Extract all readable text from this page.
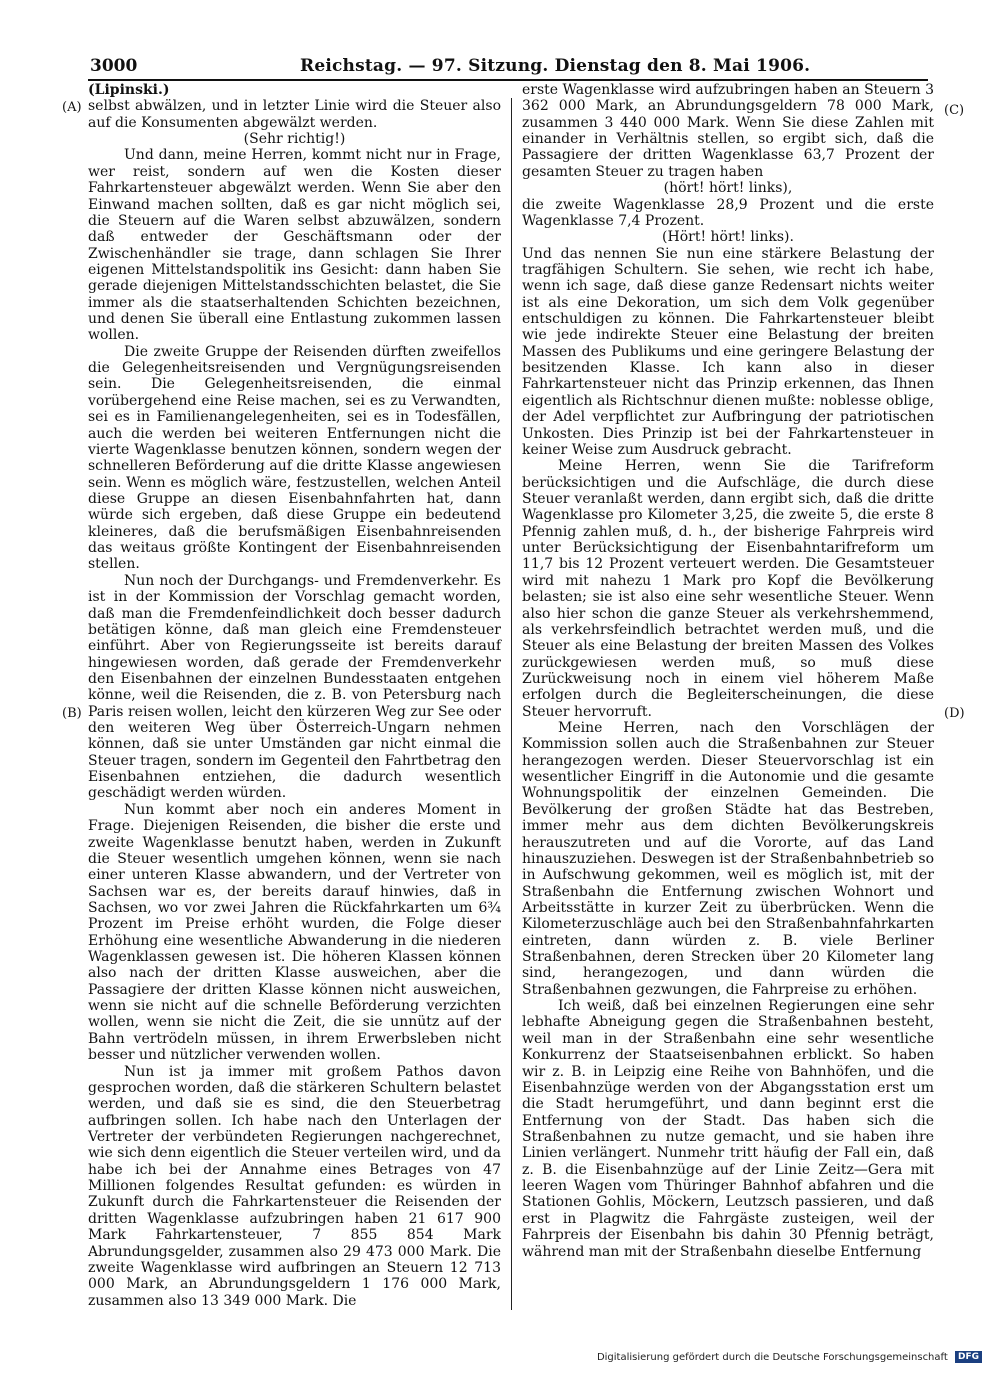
3000	Reichstag. — 97. Sitzung. Dienstag den 8. Mai 1906.
(A)
(B)
(C)
(D)

(Lipinski.)

selbst abwälzen, und in letzter Linie wird die Steuer also auf die Konsumenten abgewälzt werden.

(Sehr richtig!)

Und dann, meine Herren, kommt nicht nur in Frage, wer reist, sondern auf wen die Kosten dieser Fahrkartensteuer abgewälzt werden. Wenn Sie aber den Einwand machen sollten, daß es gar nicht möglich sei, die Steuern auf die Waren selbst abzuwälzen, sondern daß entweder der Geschäftsmann oder der Zwischenhändler sie trage, dann schlagen Sie Ihrer eigenen Mittelstandspolitik ins Gesicht: dann haben Sie gerade diejenigen Mittelstandsschichten belastet, die Sie immer als die staatserhaltenden Schichten bezeichnen, und denen Sie überall eine Entlastung zukommen lassen wollen.

Die zweite Gruppe der Reisenden dürften zweifellos die Gelegenheitsreisenden und Vergnügungsreisenden sein. Die Gelegenheitsreisenden, die einmal vorübergehend eine Reise machen, sei es zu Verwandten, sei es in Familienangelegenheiten, sei es in Todesfällen, auch die werden bei weiteren Entfernungen nicht die vierte Wagenklasse benutzen können, sondern wegen der schnelleren Beförderung auf die dritte Klasse angewiesen sein. Wenn es möglich wäre, festzustellen, welchen Anteil diese Gruppe an diesen Eisenbahnfahrten hat, dann würde sich ergeben, daß diese Gruppe ein bedeutend kleineres, daß die berufsmäßigen Eisenbahnreisenden das weitaus größte Kontingent der Eisenbahnreisenden stellen.

Nun noch der Durchgangs- und Fremdenverkehr. Es ist in der Kommission der Vorschlag gemacht worden, daß man die Fremdenfeindlichkeit doch besser dadurch betätigen könne, daß man gleich eine Fremdensteuer einführt. Aber von Regierungsseite ist bereits darauf hingewiesen worden, daß gerade der Fremdenverkehr den Eisenbahnen der einzelnen Bundesstaaten entgehen könne, weil die Reisenden, die z. B. von Petersburg nach Paris reisen wollen, leicht den kürzeren Weg zur See oder den weiteren Weg über Österreich-Ungarn nehmen können, daß sie unter Umständen gar nicht einmal die Steuer tragen, sondern im Gegenteil den Fahrtbetrag den Eisenbahnen entziehen, die dadurch wesentlich geschädigt werden würden.

Nun kommt aber noch ein anderes Moment in Frage. Diejenigen Reisenden, die bisher die erste und zweite Wagenklasse benutzt haben, werden in Zukunft die Steuer wesentlich umgehen können, wenn sie nach einer unteren Klasse abwandern, und der Vertreter von Sachsen war es, der bereits darauf hinwies, daß in Sachsen, wo vor zwei Jahren die Rückfahrkarten um 6¾ Prozent im Preise erhöht wurden, die Folge dieser Erhöhung eine wesentliche Abwanderung in die niederen Wagenklassen gewesen ist. Die höheren Klassen können also nach der dritten Klasse ausweichen, aber die Passagiere der dritten Klasse können nicht ausweichen, wenn sie nicht auf die schnelle Beförderung verzichten wollen, wenn sie nicht die Zeit, die sie unnütz auf der Bahn vertrödeln müssen, in ihrem Erwerbsleben nicht besser und nützlicher verwenden wollen.

Nun ist ja immer mit großem Pathos davon gesprochen worden, daß die stärkeren Schultern belastet werden, und daß sie es sind, die den Steuerbetrag aufbringen sollen. Ich habe nach den Unterlagen der Vertreter der verbündeten Regierungen nachgerechnet, wie sich denn eigentlich die Steuer verteilen wird, und da habe ich bei der Annahme eines Betrages von 47 Millionen folgendes Resultat gefunden: es würden in Zukunft durch die Fahrkartensteuer die Reisenden der dritten Wagenklasse aufzubringen haben 21 617 900 Mark Fahrkartensteuer, 7 855 854 Mark Abrundungsgelder, zusammen also 29 473 000 Mark. Die zweite Wagenklasse wird aufbringen an Steuern 12 713 000 Mark, an Abrundungsgeldern 1 176 000 Mark, zusammen also 13 349 000 Mark. Die

erste Wagenklasse wird aufzubringen haben an Steuern 3 362 000 Mark, an Abrundungsgeldern 78 000 Mark, zusammen 3 440 000 Mark. Wenn Sie diese Zahlen mit einander in Verhältnis stellen, so ergibt sich, daß die Passagiere der dritten Wagenklasse 63,7 Prozent der gesamten Steuer zu tragen haben

(hört! hört! links),

die zweite Wagenklasse 28,9 Prozent und die erste Wagenklasse 7,4 Prozent.

(Hört! hört! links).

Und das nennen Sie nun eine stärkere Belastung der tragfähigen Schultern. Sie sehen, wie recht ich habe, wenn ich sage, daß diese ganze Redensart nichts weiter ist als eine Dekoration, um sich dem Volk gegenüber entschuldigen zu können. Die Fahrkartensteuer bleibt wie jede indirekte Steuer eine Belastung der breiten Massen des Publikums und eine geringere Belastung der besitzenden Klasse. Ich kann also in dieser Fahrkartensteuer nicht das Prinzip erkennen, das Ihnen eigentlich als Richtschnur dienen mußte: noblesse oblige, der Adel verpflichtet zur Aufbringung der patriotischen Unkosten. Dies Prinzip ist bei der Fahrkartensteuer in keiner Weise zum Ausdruck gebracht.

Meine Herren, wenn Sie die Tarifreform berücksichtigen und die Aufschläge, die durch diese Steuer veranlaßt werden, dann ergibt sich, daß die dritte Wagenklasse pro Kilometer 3,25, die zweite 5, die erste 8 Pfennig zahlen muß, d. h., der bisherige Fahrpreis wird unter Berücksichtigung der Eisenbahntarifreform um 11,7 bis 12 Prozent verteuert werden. Die Gesamtsteuer wird mit nahezu 1 Mark pro Kopf die Bevölkerung belasten; sie ist also eine sehr wesentliche Steuer. Wenn also hier schon die ganze Steuer als verkehrshemmend, als verkehrsfeindlich betrachtet werden muß, und die Steuer als eine Belastung der breiten Massen des Volkes zurückgewiesen werden muß, so muß diese Zurückweisung noch in einem viel höherem Maße erfolgen durch die Begleiterscheinungen, die diese Steuer hervorruft.

Meine Herren, nach den Vorschlägen der Kommission sollen auch die Straßenbahnen zur Steuer herangezogen werden. Dieser Steuervorschlag ist ein wesentlicher Eingriff in die Autonomie und die gesamte Wohnungspolitik der einzelnen Gemeinden. Die Bevölkerung der großen Städte hat das Bestreben, immer mehr aus dem dichten Bevölkerungskreis herauszutreten und auf die Vororte, auf das Land hinauszuziehen. Deswegen ist der Straßenbahnbetrieb so in Aufschwung gekommen, weil es möglich ist, mit der Straßenbahn die Entfernung zwischen Wohnort und Arbeitsstätte in kurzer Zeit zu überbrücken. Wenn die Kilometerzuschläge auch bei den Straßenbahnfahrkarten eintreten, dann würden z. B. viele Berliner Straßenbahnen, deren Strecken über 20 Kilometer lang sind, herangezogen, und dann würden die Straßenbahnen gezwungen, die Fahrpreise zu erhöhen.

Ich weiß, daß bei einzelnen Regierungen eine sehr lebhafte Abneigung gegen die Straßenbahnen besteht, weil man in der Straßenbahn eine sehr wesentliche Konkurrenz der Staatseisenbahnen erblickt. So haben wir z. B. in Leipzig eine Reihe von Bahnhöfen, und die Eisenbahnzüge werden von der Abgangsstation erst um die Stadt herumgeführt, und dann beginnt erst die Entfernung von der Stadt. Das haben sich die Straßenbahnen zu nutze gemacht, und sie haben ihre Linien verlängert. Nunmehr tritt häufig der Fall ein, daß z. B. die Eisenbahnzüge auf der Linie Zeitz—Gera mit leeren Wagen vom Thüringer Bahnhof abfahren und die Stationen Gohlis, Möckern, Leutzsch passieren, und daß erst in Plagwitz die Fahrgäste zusteigen, weil der Fahrpreis der Eisenbahn bis dahin 30 Pfennig beträgt, während man mit der Straßenbahn dieselbe Entfernung

Digitalisierung gefördert durch die Deutsche Forschungsgemeinschaft DFG
